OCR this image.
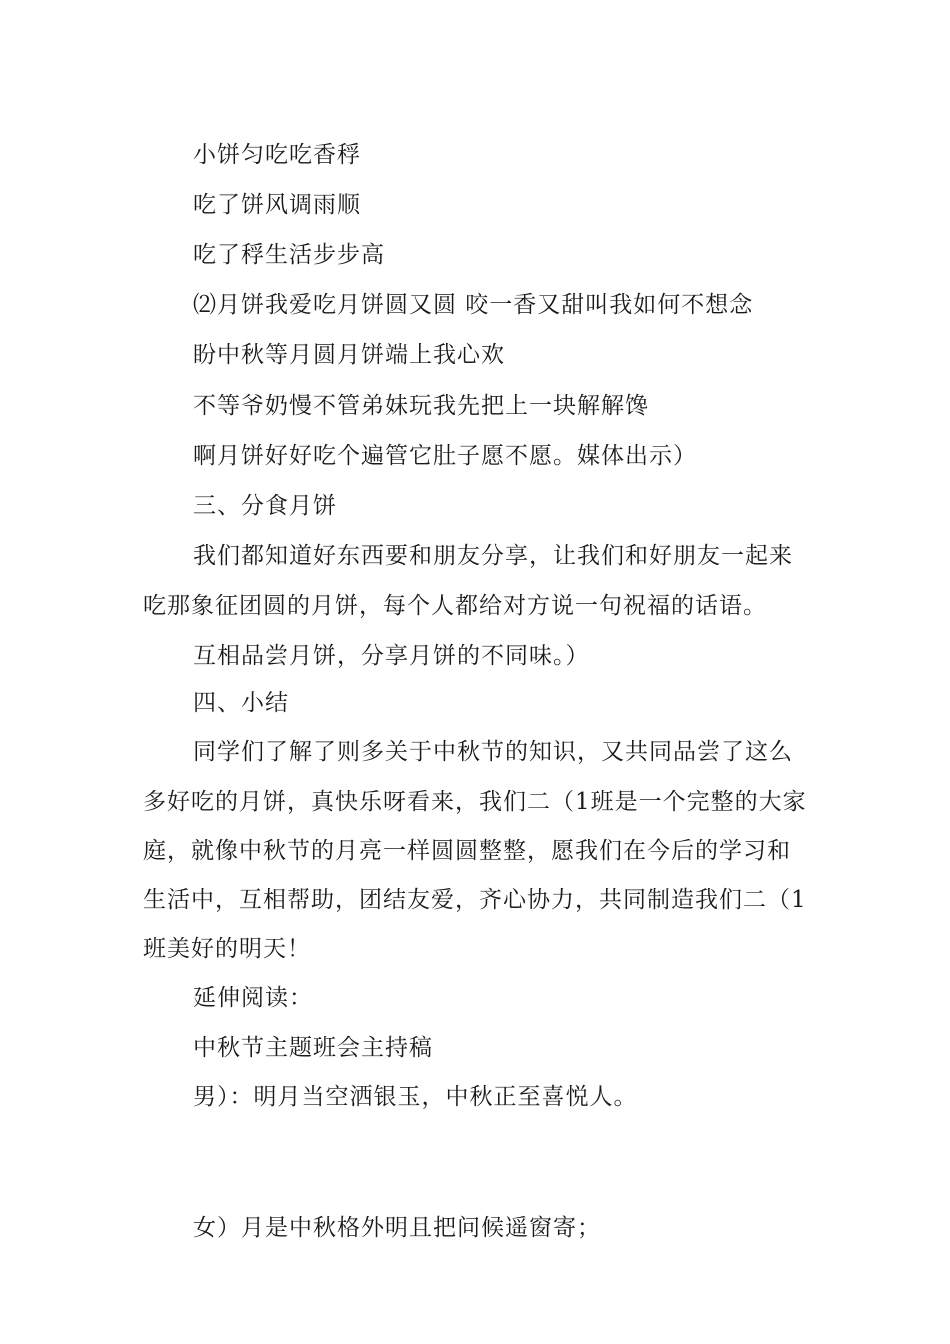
小饼匀吃吃香稃
吃了饼风调雨顺
吃了稃生活步步高
⑵月饼我爱吃月饼圆又圆 咬一香又甜叫我如何不想念
盼中秋等月圆月饼端上我心欢
不等爷奶慢不管弟妹玩我先把上一块解解馋
啊月饼好好吃个遍管它肚子愿不愿。媒体出示）
三、分食月饼
我们都知道好东西要和朋友分享，让我们和好朋友一起来
吃那象征团圆的月饼，每个人都给对方说一句祝福的话语。
互相品尝月饼，分享月饼的不同味。）
四、小结
同学们了解了则多关于中秋节的知识，又共同品尝了这么
多好吃的月饼，真快乐呀看来，我们二（1班是一个完整的大家
庭，就像中秋节的月亮一样圆圆整整，愿我们在今后的学习和
生活中，互相帮助，团结友爱，齐心协力，共同制造我们二（1
班美好的明天！
延伸阅读：
中秋节主题班会主持稿
男）：明月当空洒银玉，中秋正至喜悦人。
女）月是中秋格外明且把问候遥窗寄；
